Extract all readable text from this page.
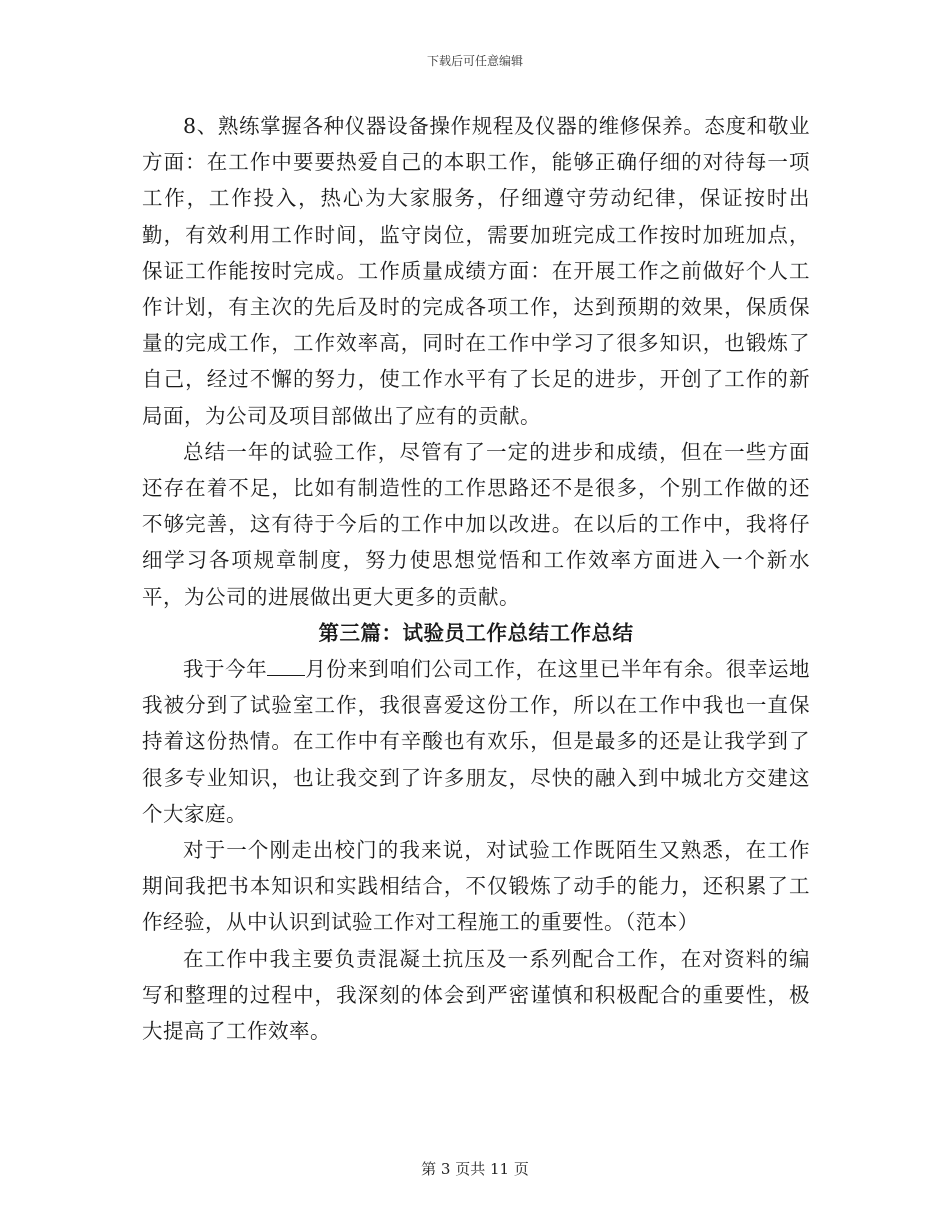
下载后可任意编辑

8、熟练掌握各种仪器设备操作规程及仪器的维修保养。态度和敬业方面：在工作中要要热爱自己的本职工作，能够正确仔细的对待每一项工作，工作投入，热心为大家服务，仔细遵守劳动纪律，保证按时出勤，有效利用工作时间，监守岗位，需要加班完成工作按时加班加点，保证工作能按时完成。工作质量成绩方面：在开展工作之前做好个人工作计划，有主次的先后及时的完成各项工作，达到预期的效果，保质保量的完成工作，工作效率高，同时在工作中学习了很多知识，也锻炼了自己，经过不懈的努力，使工作水平有了长足的进步，开创了工作的新局面，为公司及项目部做出了应有的贡献。

总结一年的试验工作，尽管有了一定的进步和成绩，但在一些方面还存在着不足，比如有制造性的工作思路还不是很多，个别工作做的还不够完善，这有待于今后的工作中加以改进。在以后的工作中，我将仔细学习各项规章制度，努力使思想觉悟和工作效率方面进入一个新水平，为公司的进展做出更大更多的贡献。

第三篇：试验员工作总结工作总结

我于今年 月份来到咱们公司工作，在这里已半年有余。很幸运地我被分到了试验室工作，我很喜爱这份工作，所以在工作中我也一直保持着这份热情。在工作中有辛酸也有欢乐，但是最多的还是让我学到了很多专业知识，也让我交到了许多朋友，尽快的融入到中城北方交建这个大家庭。

对于一个刚走出校门的我来说，对试验工作既陌生又熟悉，在工作期间我把书本知识和实践相结合，不仅锻炼了动手的能力，还积累了工作经验，从中认识到试验工作对工程施工的重要性。（范本）

在工作中我主要负责混凝土抗压及一系列配合工作，在对资料的编写和整理的过程中，我深刻的体会到严密谨慎和积极配合的重要性，极大提高了工作效率。

第 3 页共 11 页
